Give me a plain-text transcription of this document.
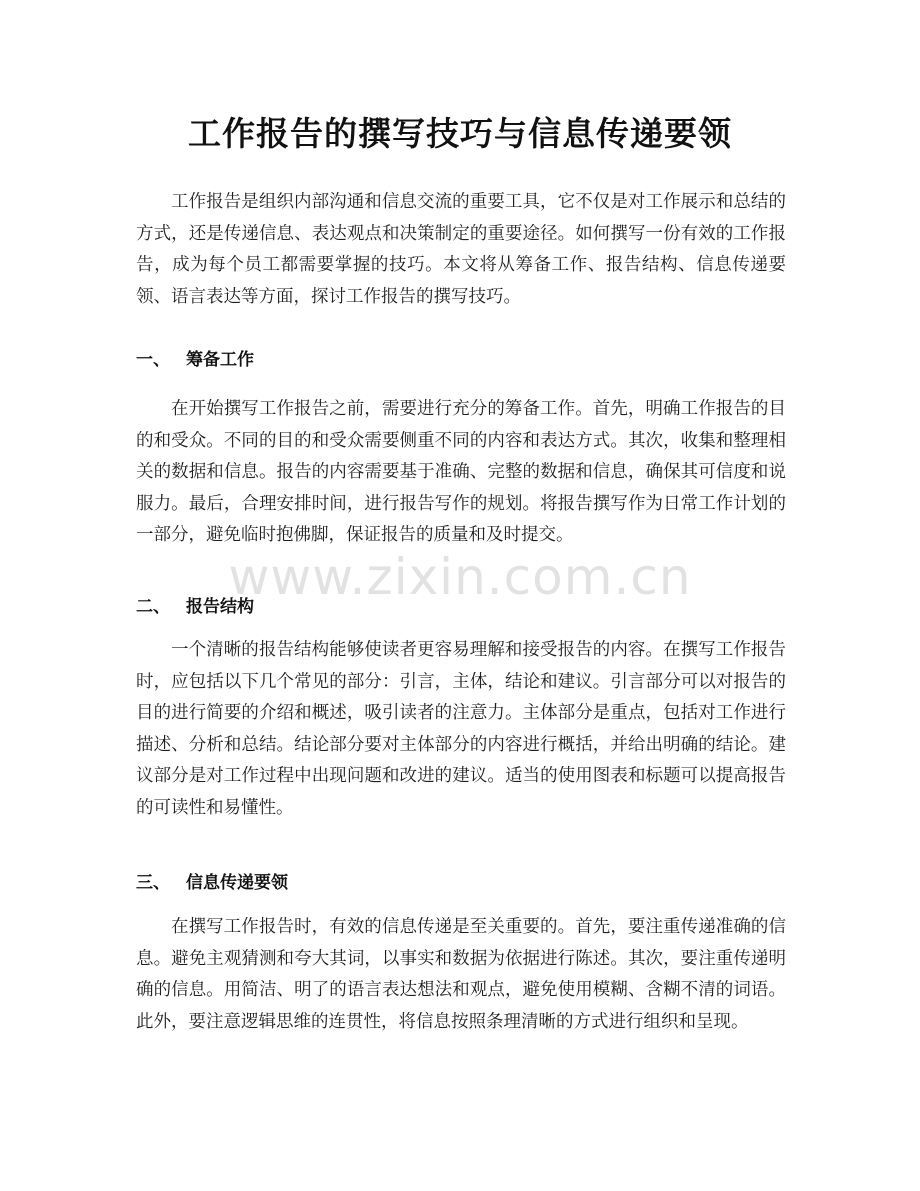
工作报告的撰写技巧与信息传递要领

工作报告是组织内部沟通和信息交流的重要工具，它不仅是对工作展示和总结的方式，还是传递信息、表达观点和决策制定的重要途径。如何撰写一份有效的工作报告，成为每个员工都需要掌握的技巧。本文将从筹备工作、报告结构、信息传递要领、语言表达等方面，探讨工作报告的撰写技巧。

一、 筹备工作

在开始撰写工作报告之前，需要进行充分的筹备工作。首先，明确工作报告的目的和受众。不同的目的和受众需要侧重不同的内容和表达方式。其次，收集和整理相关的数据和信息。报告的内容需要基于准确、完整的数据和信息，确保其可信度和说服力。最后，合理安排时间，进行报告写作的规划。将报告撰写作为日常工作计划的一部分，避免临时抱佛脚，保证报告的质量和及时提交。

二、 报告结构

一个清晰的报告结构能够使读者更容易理解和接受报告的内容。在撰写工作报告时，应包括以下几个常见的部分：引言，主体，结论和建议。引言部分可以对报告的目的进行简要的介绍和概述，吸引读者的注意力。主体部分是重点，包括对工作进行描述、分析和总结。结论部分要对主体部分的内容进行概括，并给出明确的结论。建议部分是对工作过程中出现问题和改进的建议。适当的使用图表和标题可以提高报告的可读性和易懂性。

三、 信息传递要领

在撰写工作报告时，有效的信息传递是至关重要的。首先，要注重传递准确的信息。避免主观猜测和夸大其词，以事实和数据为依据进行陈述。其次，要注重传递明确的信息。用简洁、明了的语言表达想法和观点，避免使用模糊、含糊不清的词语。此外，要注意逻辑思维的连贯性，将信息按照条理清晰的方式进行组织和呈现。

www.zixin.com.cn
